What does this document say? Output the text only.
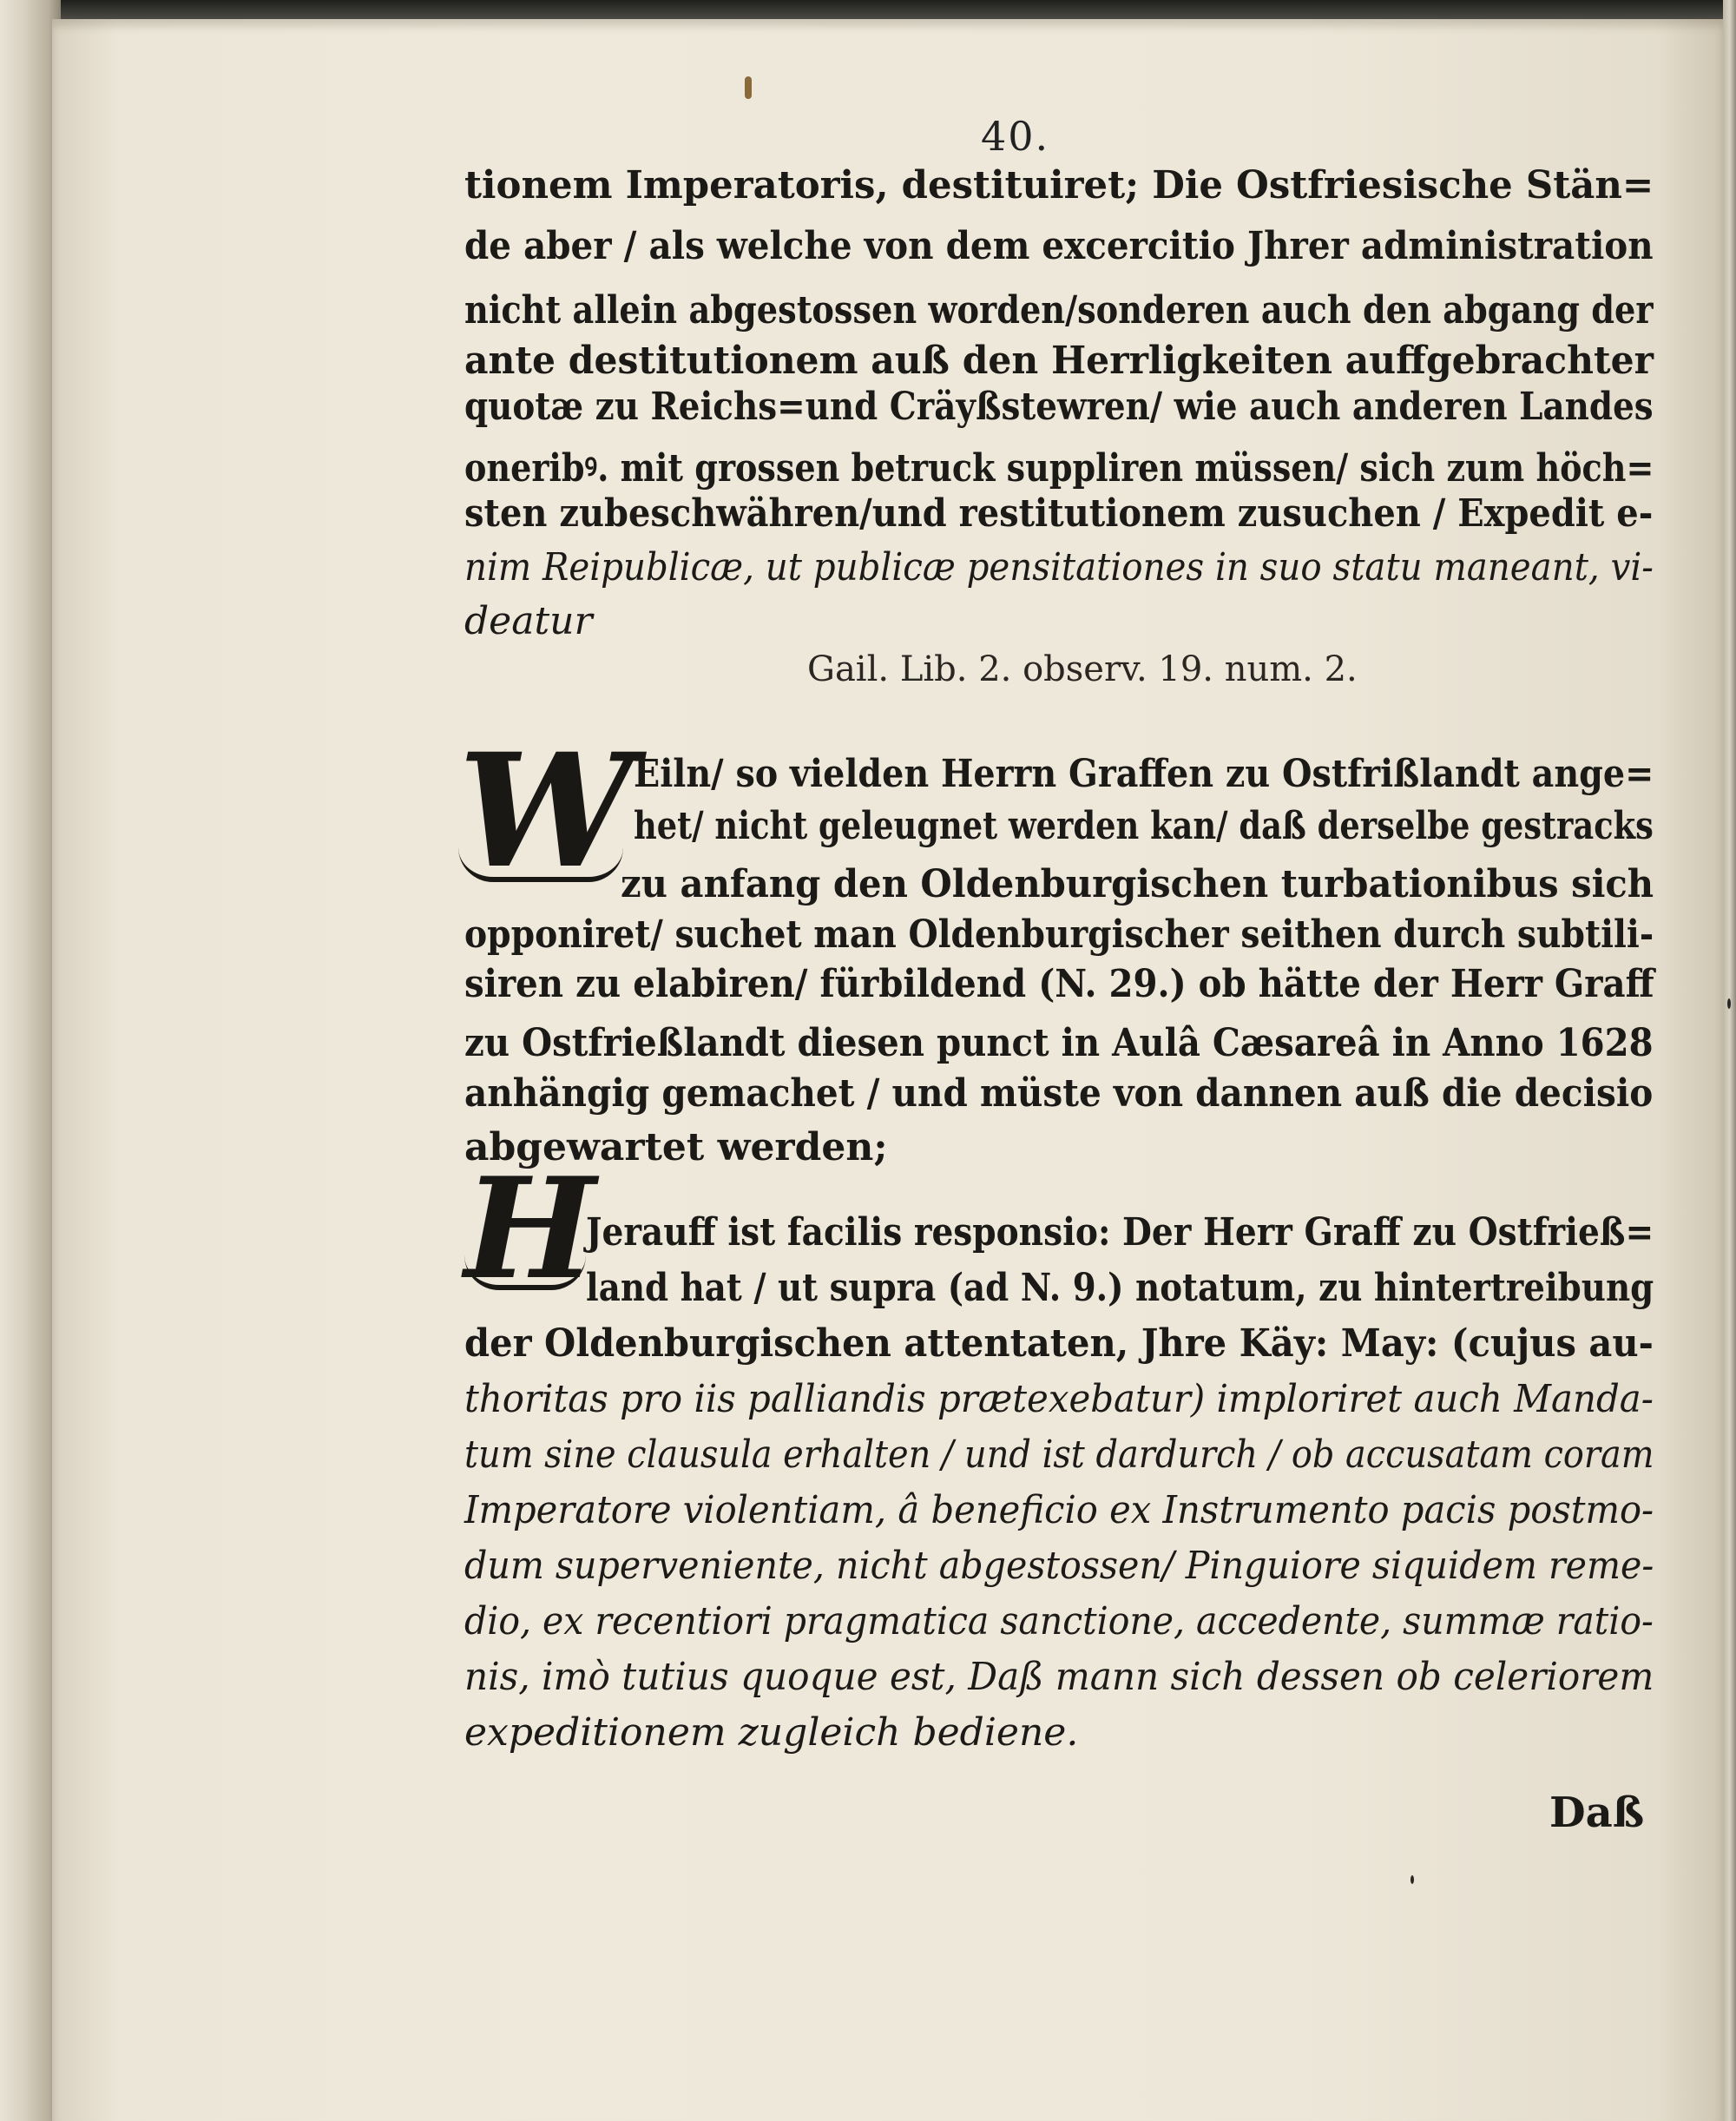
40.
tionem Imperatoris, destituiret; Die Ostfriesische Stän=
de aber / als welche von dem excercitio Jhrer administration
nicht allein abgestossen worden/sonderen auch den abgang der
ante destitutionem auß den Herrligkeiten auffgebrachter
quotæ zu Reichs=und Cräyßstewren/ wie auch anderen Landes
oneribꝰ. mit grossen betruck suppliren müssen/ sich zum höch=
sten zubeschwähren/und restitutionem zusuchen / Expedit e-
nim Reipublicæ, ut publicæ pensitationes in suo statu maneant, vi-
deatur
Gail. Lib. 2. observ. 19. num. 2.
W Eiln/ so vielden Herrn Graffen zu Ostfrißlandt ange=
het/ nicht geleugnet werden kan/ daß derselbe gestracks
zu anfang den Oldenburgischen turbationibus sich
opponiret/ suchet man Oldenburgischer seithen durch subtili-
siren zu elabiren/ fürbildend (N. 29.) ob hätte der Herr Graff
zu Ostfrießlandt diesen punct in Aulâ Cæsareâ in Anno 1628
anhängig gemachet / und müste von dannen auß die decisio
abgewartet werden;
H
Jerauff ist facilis responsio: Der Herr Graff zu Ostfrieß=
land hat / ut supra (ad N. 9.) notatum, zu hintertreibung
der Oldenburgischen attentaten, Jhre Käy: May: (cujus au-
thoritas pro iis palliandis prætexebatur) imploriret auch Manda-
tum sine clausula erhalten / und ist dardurch / ob accusatam coram
Imperatore violentiam, â beneficio ex Instrumento pacis postmo-
dum superveniente, nicht abgestossen/ Pinguiore siquidem reme-
dio, ex recentiori pragmatica sanctione, accedente, summæ ratio-
nis, imò tutius quoque est, Daß mann sich dessen ob celeriorem
expeditionem zugleich bediene.
Daß
